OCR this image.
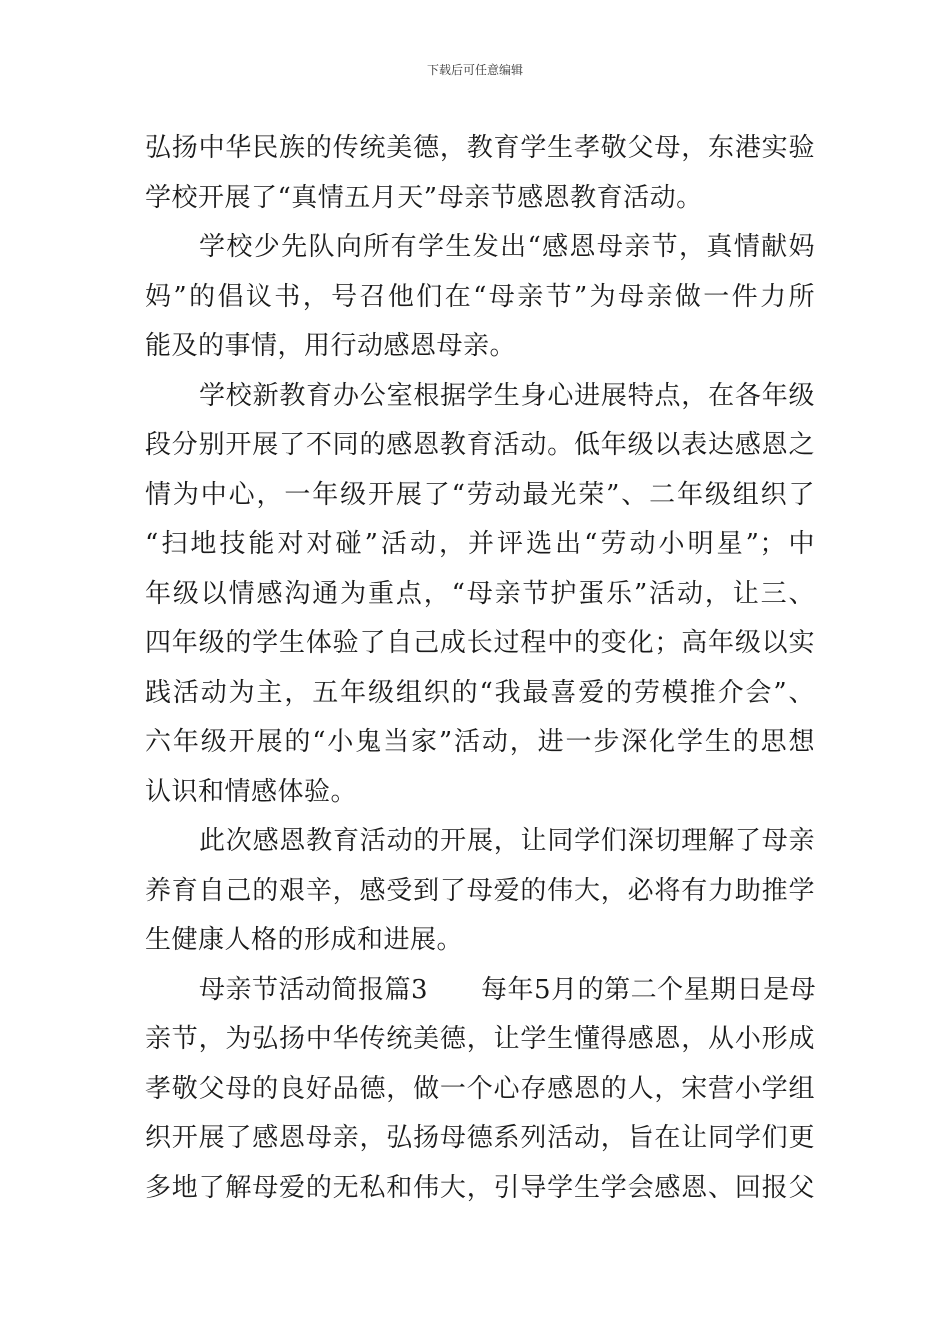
下载后可任意编辑
弘扬中华民族的传统美德，教育学生孝敬父母，东港实验
学校开展了“真情五月天”母亲节感恩教育活动。
学校少先队向所有学生发出“感恩母亲节，真情献妈
妈”的倡议书，号召他们在“母亲节”为母亲做一件力所
能及的事情，用行动感恩母亲。
学校新教育办公室根据学生身心进展特点，在各年级
段分别开展了不同的感恩教育活动。低年级以表达感恩之
情为中心，一年级开展了“劳动最光荣”、二年级组织了
“扫地技能对对碰”活动，并评选出“劳动小明星”；中
年级以情感沟通为重点，“母亲节护蛋乐”活动，让三、
四年级的学生体验了自己成长过程中的变化；高年级以实
践活动为主，五年级组织的“我最喜爱的劳模推介会”、
六年级开展的“小鬼当家”活动，进一步深化学生的思想
认识和情感体验。
此次感恩教育活动的开展，让同学们深切理解了母亲
养育自己的艰辛，感受到了母爱的伟大，必将有力助推学
生健康人格的形成和进展。
母亲节活动简报篇3　　每年5月的第二个星期日是母
亲节，为弘扬中华传统美德，让学生懂得感恩，从小形成
孝敬父母的良好品德，做一个心存感恩的人，宋营小学组
织开展了感恩母亲，弘扬母德系列活动，旨在让同学们更
多地了解母爱的无私和伟大，引导学生学会感恩、回报父
